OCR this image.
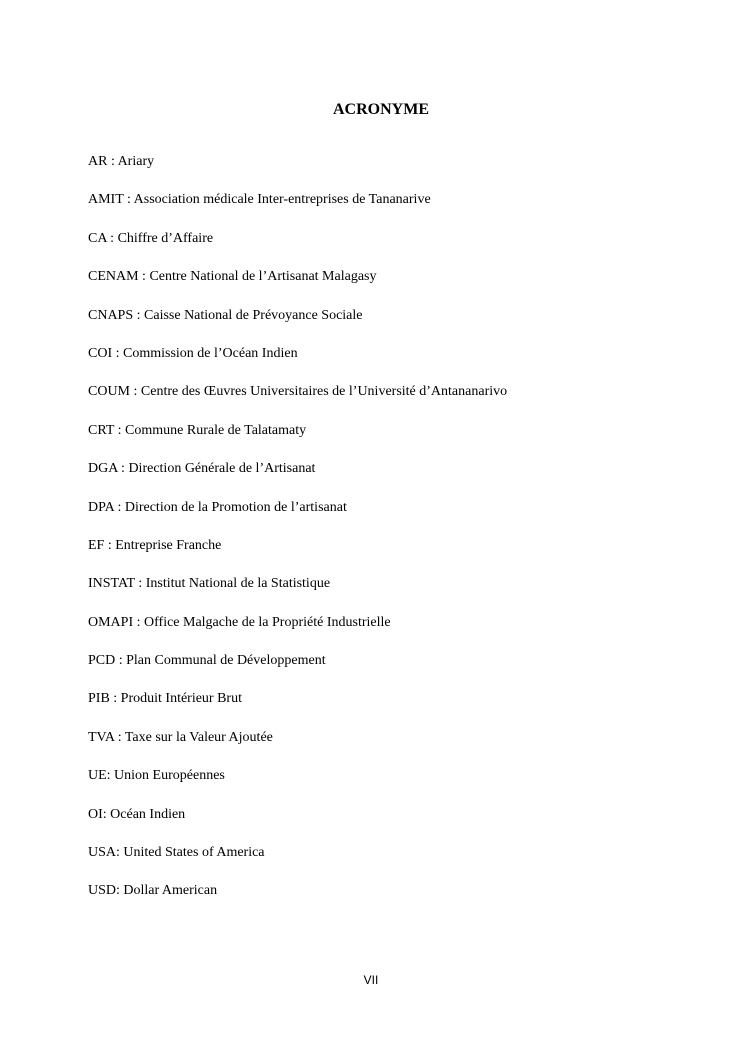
ACRONYME
AR : Ariary
AMIT : Association médicale Inter-entreprises de Tananarive
CA : Chiffre d’Affaire
CENAM : Centre National de l’Artisanat Malagasy
CNAPS : Caisse National de Prévoyance Sociale
COI : Commission de l’Océan Indien
COUM : Centre des Œuvres Universitaires de l’Université d’Antananarivo
CRT : Commune Rurale de Talatamaty
DGA : Direction Générale de l’Artisanat
DPA : Direction de la Promotion de l’artisanat
EF : Entreprise Franche
INSTAT : Institut National de la Statistique
OMAPI : Office Malgache de la Propriété Industrielle
PCD : Plan Communal de Développement
PIB : Produit Intérieur Brut
TVA : Taxe sur la Valeur Ajoutée
UE: Union Européennes
OI: Océan Indien
USA: United States of America
USD: Dollar American
VII
